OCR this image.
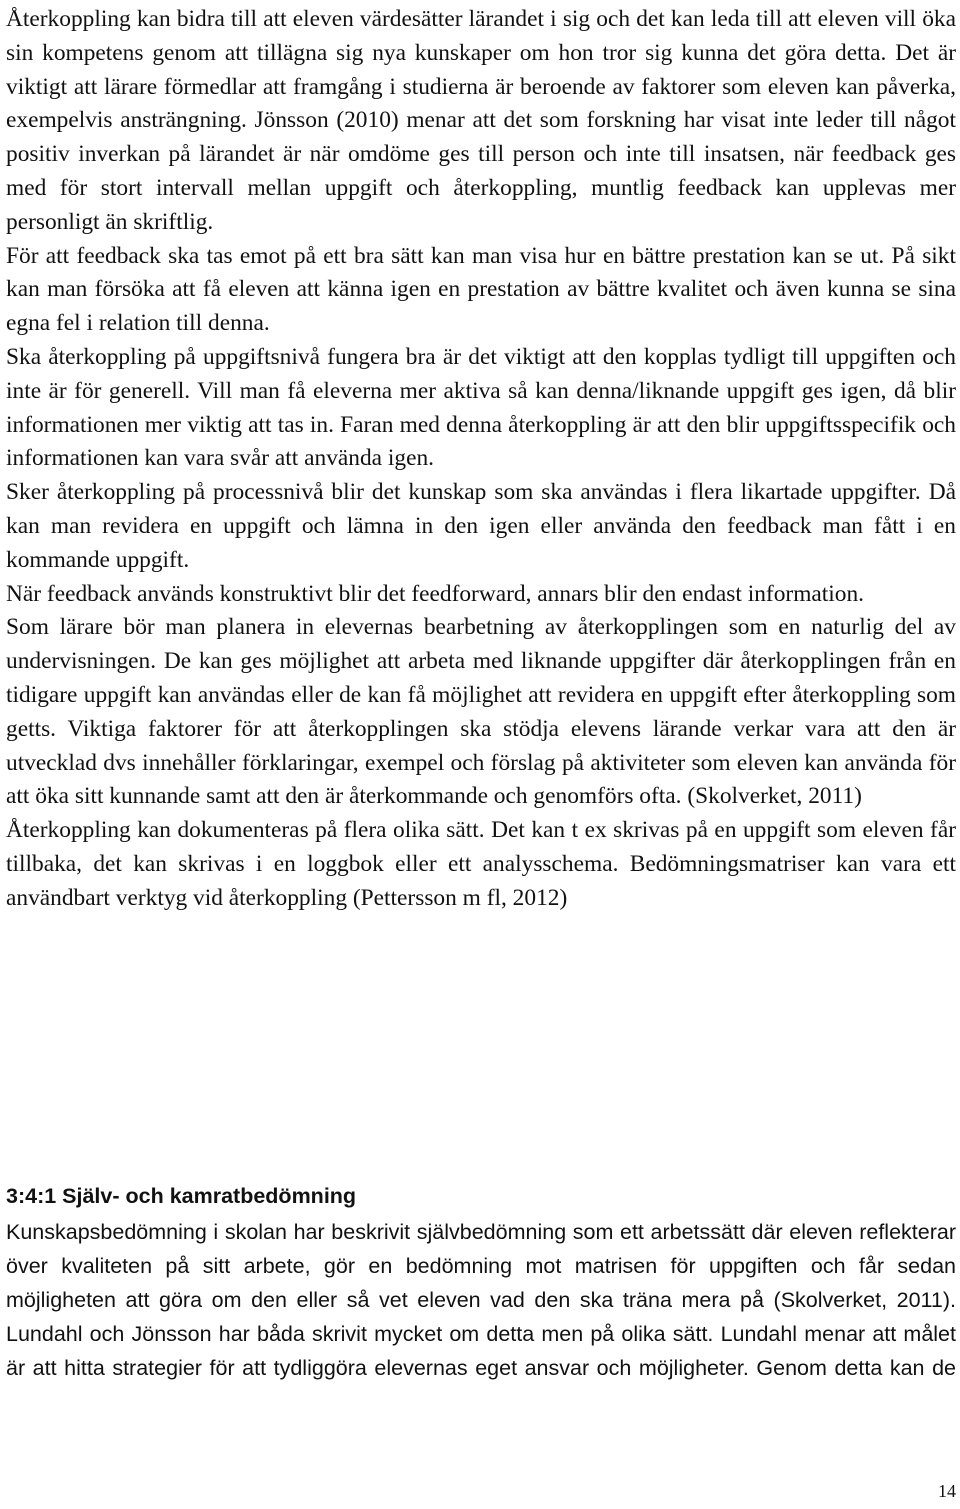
Återkoppling kan bidra till att eleven värdesätter lärandet i sig och det kan leda till att eleven vill öka sin kompetens genom att tillägna sig nya kunskaper om hon tror sig kunna det göra detta. Det är viktigt att lärare förmedlar att framgång i studierna är beroende av faktorer som eleven kan påverka, exempelvis ansträngning. Jönsson (2010) menar att det som forskning har visat inte leder till något positiv inverkan på lärandet är när omdöme ges till person och inte till insatsen, när feedback ges med för stort intervall mellan uppgift och återkoppling, muntlig feedback kan upplevas mer personligt än skriftlig.

För att feedback ska tas emot på ett bra sätt kan man visa hur en bättre prestation kan se ut. På sikt kan man försöka att få eleven att känna igen en prestation av bättre kvalitet och även kunna se sina egna fel i relation till denna.

Ska återkoppling på uppgiftsnivå fungera bra är det viktigt att den kopplas tydligt till uppgiften och inte är för generell. Vill man få eleverna mer aktiva så kan denna/liknande uppgift ges igen, då blir informationen mer viktig att tas in. Faran med denna återkoppling är att den blir uppgiftsspecifik och informationen kan vara svår att använda igen.

Sker återkoppling på processnivå blir det kunskap som ska användas i flera likartade uppgifter. Då kan man revidera en uppgift och lämna in den igen eller använda den feedback man fått i en kommande uppgift.

När feedback används konstruktivt blir det feedforward, annars blir den endast information.

Som lärare bör man planera in elevernas bearbetning av återkopplingen som en naturlig del av undervisningen. De kan ges möjlighet att arbeta med liknande uppgifter där återkopplingen från en tidigare uppgift kan användas eller de kan få möjlighet att revidera en uppgift efter återkoppling som getts. Viktiga faktorer för att återkopplingen ska stödja elevens lärande verkar vara att den är utvecklad dvs innehåller förklaringar, exempel och förslag på aktiviteter som eleven kan använda för att öka sitt kunnande samt att den är återkommande och genomförs ofta. (Skolverket, 2011)

Återkoppling kan dokumenteras på flera olika sätt. Det kan t ex skrivas på en uppgift som eleven får tillbaka, det kan skrivas i en loggbok eller ett analysschema. Bedömningsmatriser kan vara ett användbart verktyg vid återkoppling (Pettersson m fl, 2012)

3:4:1 Själv- och kamratbedömning

Kunskapsbedömning i skolan har beskrivit självbedömning som ett arbetssätt där eleven reflekterar över kvaliteten på sitt arbete, gör en bedömning mot matrisen för uppgiften och får sedan möjligheten att göra om den eller så vet eleven vad den ska träna mera på (Skolverket, 2011). Lundahl och Jönsson har båda skrivit mycket om detta men på olika sätt. Lundahl menar att målet är att hitta strategier för att tydliggöra elevernas eget ansvar och möjligheter. Genom detta kan de

14
